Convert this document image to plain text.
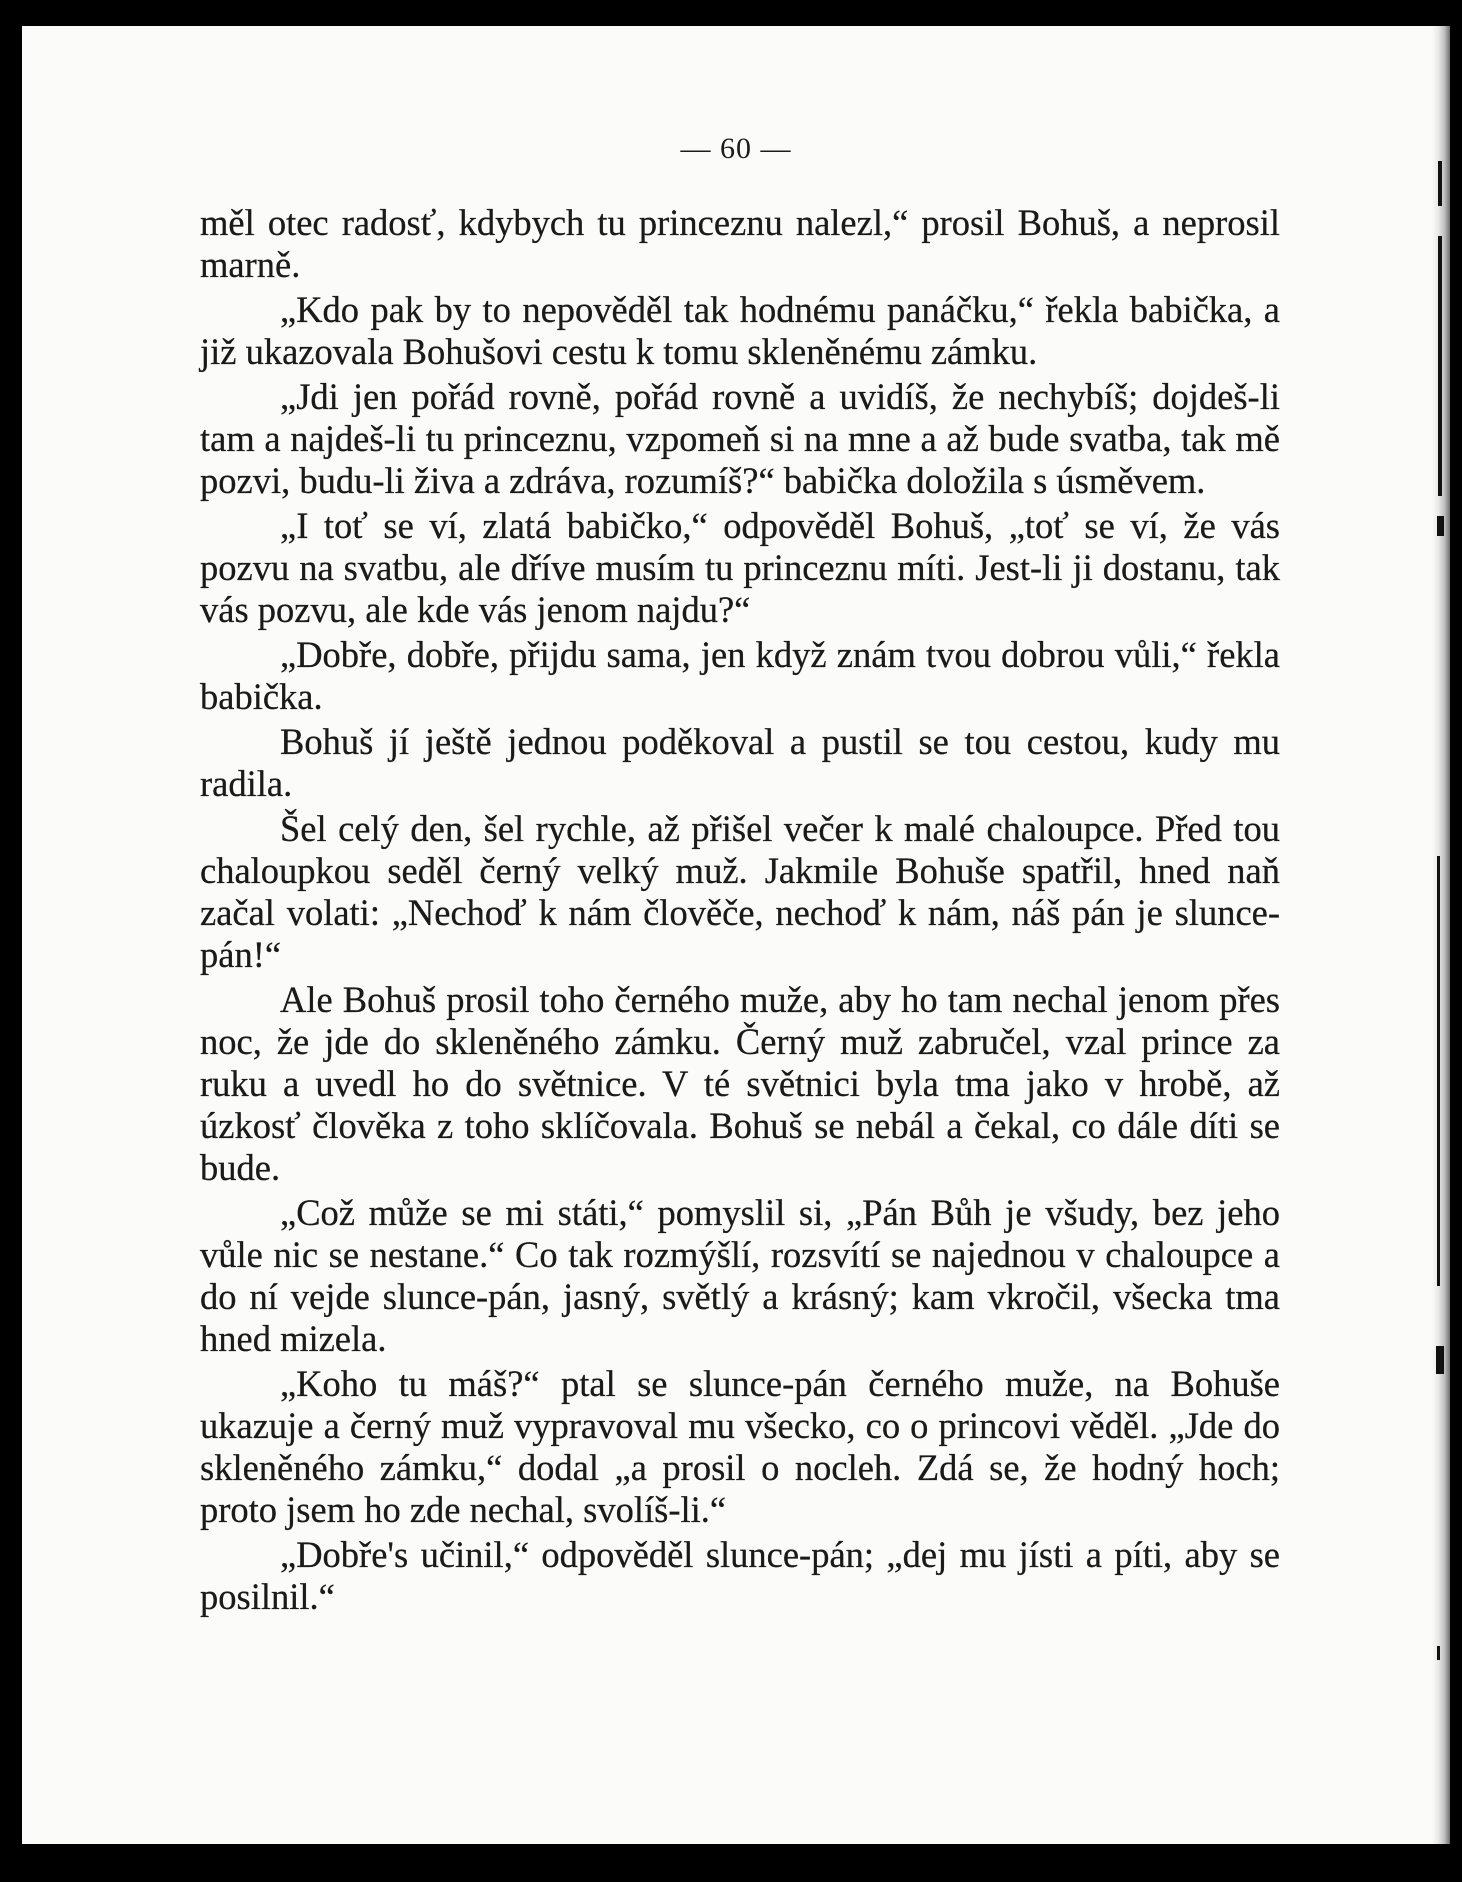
— 60 —

měl otec radosť, kdybych tu princeznu nalezl,“ prosil Bohuš, a neprosil marně.

„Kdo pak by to nepověděl tak hodnému panáčku,“ řekla babička, a již ukazovala Bohušovi cestu k tomu skleněnému zámku.

„Jdi jen pořád rovně, pořád rovně a uvidíš, že nechybíš; dojdeš-li tam a najdeš-li tu princeznu, vzpomeň si na mne a až bude svatba, tak mě pozvi, budu-li živa a zdráva, rozumíš?“ babička doložila s úsměvem.

„I toť se ví, zlatá babičko,“ odpověděl Bohuš, „toť se ví, že vás pozvu na svatbu, ale dříve musím tu princeznu míti. Jest-li ji dostanu, tak vás pozvu, ale kde vás jenom najdu?“

„Dobře, dobře, přijdu sama, jen když znám tvou dobrou vůli,“ řekla babička.

Bohuš jí ještě jednou poděkoval a pustil se tou cestou, kudy mu radila.

Šel celý den, šel rychle, až přišel večer k malé chaloupce. Před tou chaloupkou seděl černý velký muž. Jakmile Bohuše spatřil, hned naň začal volati: „Nechoď k nám člověče, nechoď k nám, náš pán je slunce-pán!“

Ale Bohuš prosil toho černého muže, aby ho tam nechal jenom přes noc, že jde do skleněného zámku. Černý muž zabručel, vzal prince za ruku a uvedl ho do světnice. V té světnici byla tma jako v hrobě, až úzkosť člověka z toho sklíčovala. Bohuš se nebál a čekal, co dále díti se bude.

„Což může se mi státi,“ pomyslil si, „Pán Bůh je všudy, bez jeho vůle nic se nestane.“ Co tak rozmýšlí, rozsvítí se najednou v chaloupce a do ní vejde slunce-pán, jasný, světlý a krásný; kam vkročil, všecka tma hned mizela.

„Koho tu máš?“ ptal se slunce-pán černého muže, na Bohuše ukazuje a černý muž vypravoval mu všecko, co o princovi věděl. „Jde do skleněného zámku,“ dodal „a prosil o nocleh. Zdá se, že hodný hoch; proto jsem ho zde nechal, svolíš-li.“

„Dobře's učinil,“ odpověděl slunce-pán; „dej mu jísti a píti, aby se posilnil.“
